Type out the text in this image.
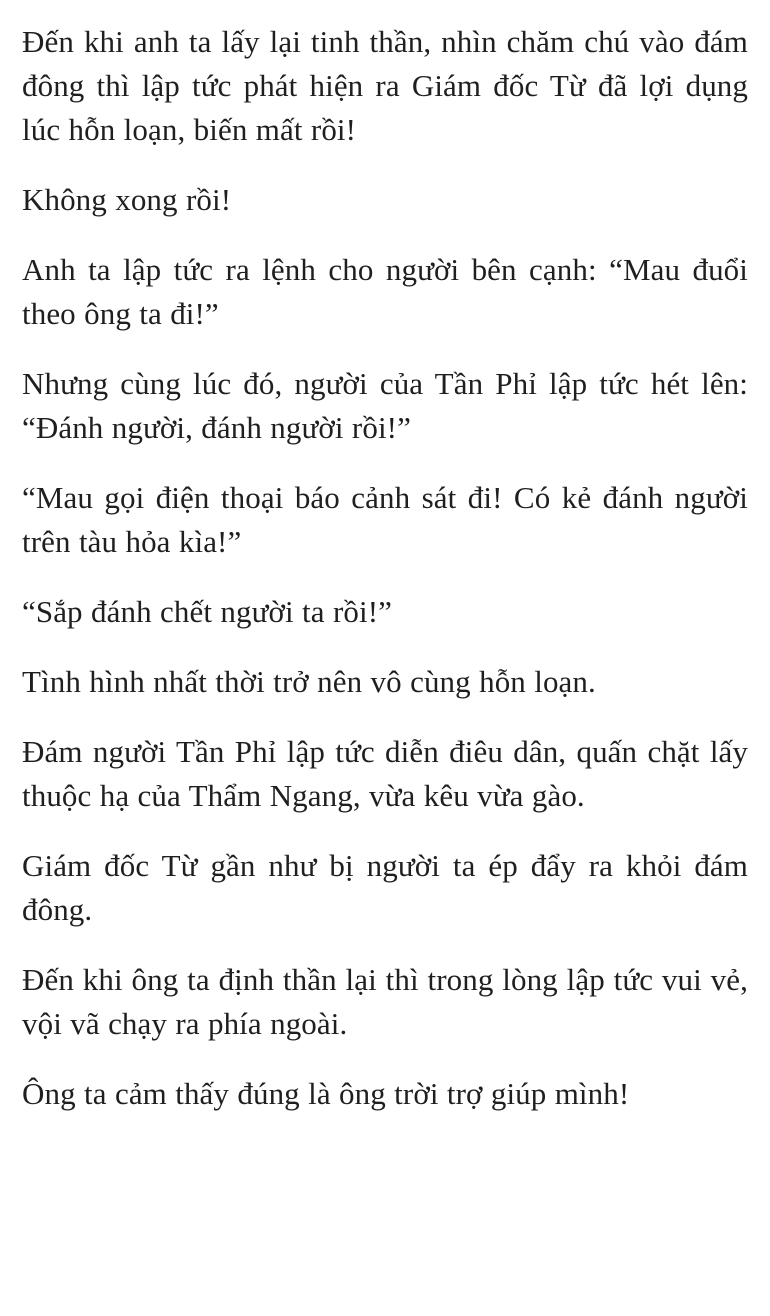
Đến khi anh ta lấy lại tinh thần, nhìn chăm chú vào đám đông thì lập tức phát hiện ra Giám đốc Từ đã lợi dụng lúc hỗn loạn, biến mất rồi!

Không xong rồi!

Anh ta lập tức ra lệnh cho người bên cạnh: “Mau đuổi theo ông ta đi!”

Nhưng cùng lúc đó, người của Tần Phỉ lập tức hét lên: “Đánh người, đánh người rồi!”

“Mau gọi điện thoại báo cảnh sát đi! Có kẻ đánh người trên tàu hỏa kìa!”

“Sắp đánh chết người ta rồi!”

Tình hình nhất thời trở nên vô cùng hỗn loạn.

Đám người Tần Phỉ lập tức diễn điêu dân, quấn chặt lấy thuộc hạ của Thẩm Ngang, vừa kêu vừa gào.

Giám đốc Từ gần như bị người ta ép đẩy ra khỏi đám đông.

Đến khi ông ta định thần lại thì trong lòng lập tức vui vẻ, vội vã chạy ra phía ngoài.

Ông ta cảm thấy đúng là ông trời trợ giúp mình!
